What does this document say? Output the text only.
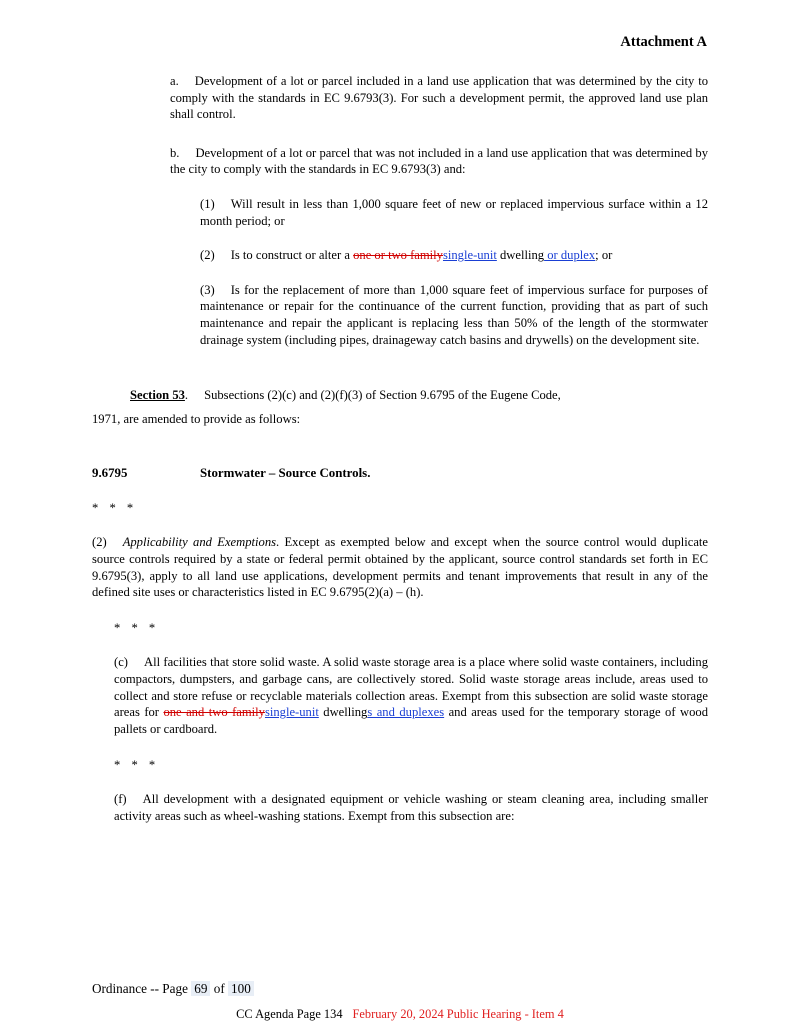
Attachment A
a. Development of a lot or parcel included in a land use application that was determined by the city to comply with the standards in EC 9.6793(3). For such a development permit, the approved land use plan shall control.
b. Development of a lot or parcel that was not included in a land use application that was determined by the city to comply with the standards in EC 9.6793(3) and:
(1) Will result in less than 1,000 square feet of new or replaced impervious surface within a 12 month period; or
(2) Is to construct or alter a one or two familysingle-unit dwelling or duplex; or
(3) Is for the replacement of more than 1,000 square feet of impervious surface for purposes of maintenance or repair for the continuance of the current function, providing that as part of such maintenance and repair the applicant is replacing less than 50% of the length of the stormwater drainage system (including pipes, drainageway catch basins and drywells) on the development site.
Section 53. Subsections (2)(c) and (2)(f)(3) of Section 9.6795 of the Eugene Code,
1971, are amended to provide as follows:
9.6795	Stormwater – Source Controls.
* * *
(2) Applicability and Exemptions. Except as exempted below and except when the source control would duplicate source controls required by a state or federal permit obtained by the applicant, source control standards set forth in EC 9.6795(3), apply to all land use applications, development permits and tenant improvements that result in any of the defined site uses or characteristics listed in EC 9.6795(2)(a) – (h).
* * *
(c) All facilities that store solid waste. A solid waste storage area is a place where solid waste containers, including compactors, dumpsters, and garbage cans, are collectively stored. Solid waste storage areas include, areas used to collect and store refuse or recyclable materials collection areas. Exempt from this subsection are solid waste storage areas for one and two familysingle-unit dwellings and duplexes and areas used for the temporary storage of wood pallets or cardboard.
* * *
(f) All development with a designated equipment or vehicle washing or steam cleaning area, including smaller activity areas such as wheel-washing stations. Exempt from this subsection are:
Ordinance -- Page 69 of 100
CC Agenda Page 134 February 20, 2024 Public Hearing - Item 4
